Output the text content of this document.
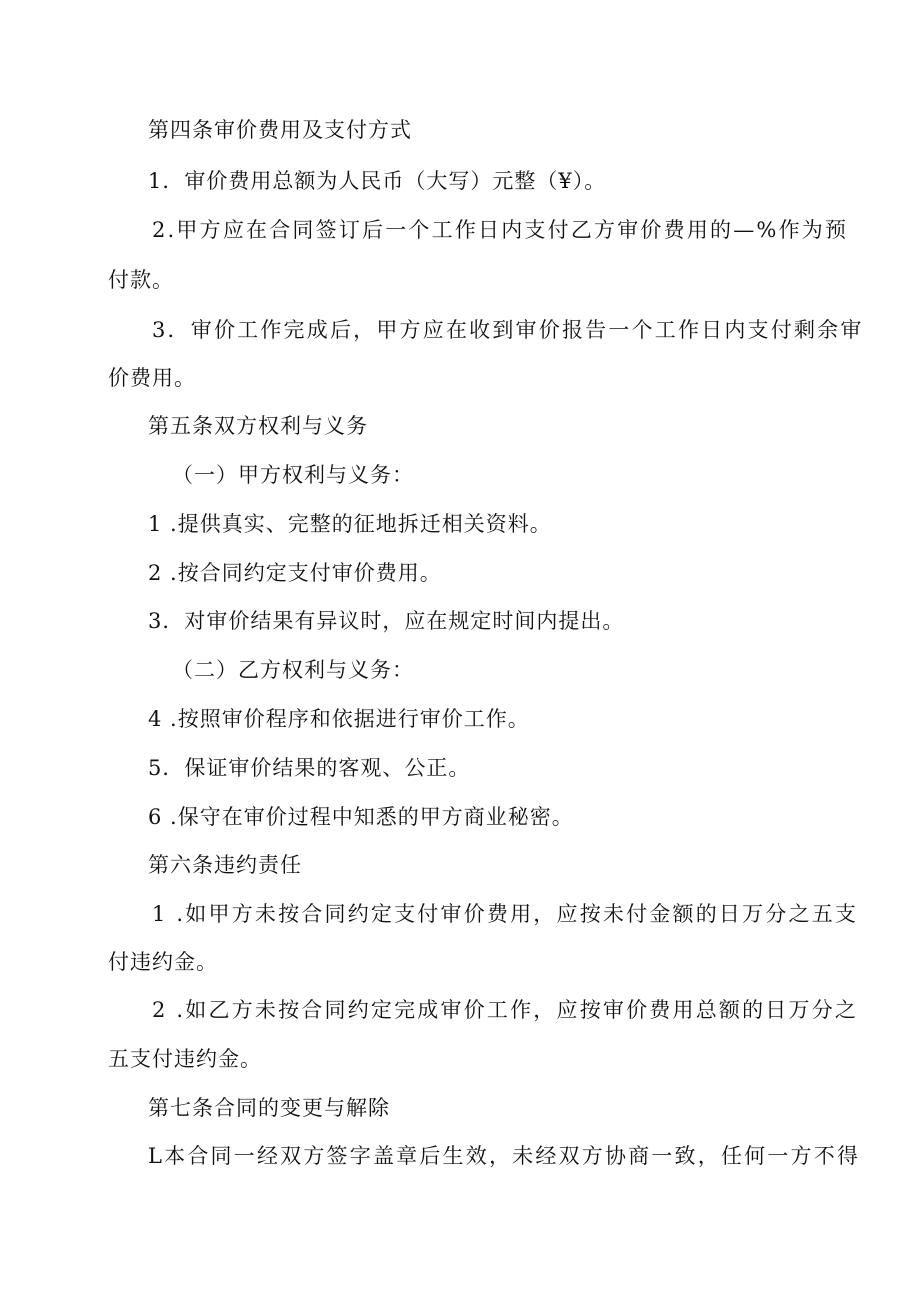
第四条审价费用及支付方式
1．审价费用总额为人民币（大写）元整（¥）。
2.甲方应在合同签订后一个工作日内支付乙方审价费用的—%作为预
付款。
3．审价工作完成后，甲方应在收到审价报告一个工作日内支付剩余审
价费用。
第五条双方权利与义务
（一）甲方权利与义务：
1 .提供真实、完整的征地拆迁相关资料。
2 .按合同约定支付审价费用。
3．对审价结果有异议时，应在规定时间内提出。
（二）乙方权利与义务：
4 .按照审价程序和依据进行审价工作。
5．保证审价结果的客观、公正。
6 .保守在审价过程中知悉的甲方商业秘密。
第六条违约责任
1 .如甲方未按合同约定支付审价费用，应按未付金额的日万分之五支
付违约金。
2 .如乙方未按合同约定完成审价工作，应按审价费用总额的日万分之
五支付违约金。
第七条合同的变更与解除
L本合同一经双方签字盖章后生效，未经双方协商一致，任何一方不得
